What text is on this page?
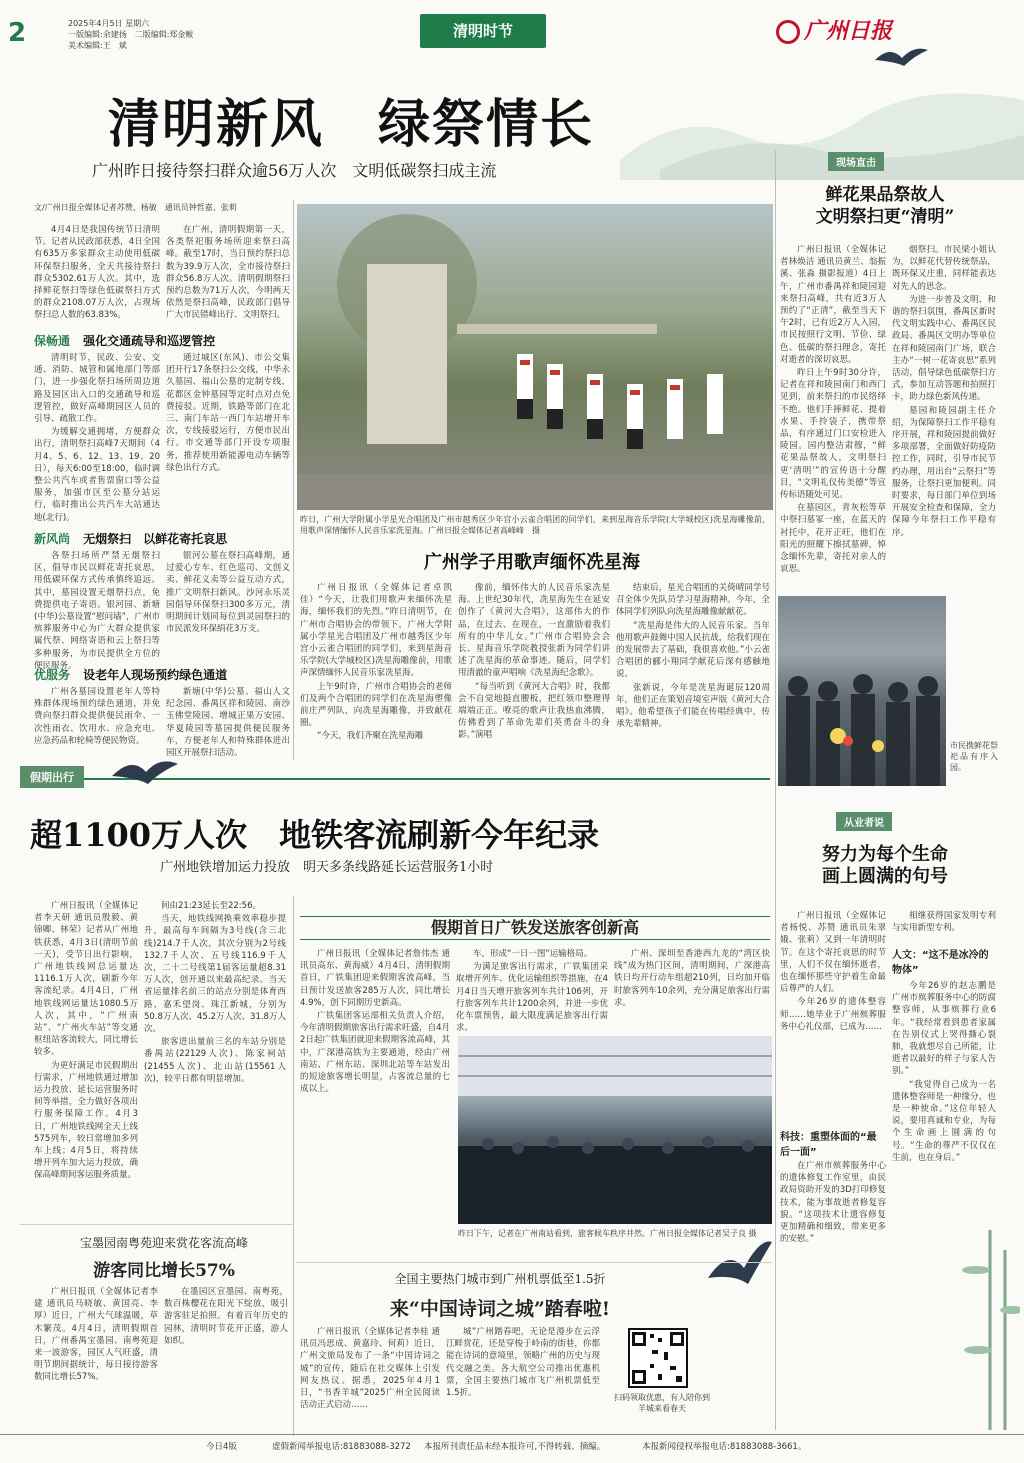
2	2025年4月5日 星期六
一版编辑:余建扬　二版编辑:郑金鲅
美术编辑:王　斌
清明时节	广州日报
清明新风　绿祭情长
广州昨日接待祭扫群众逾56万人次　文明低碳祭扫成主流
文/广州日报全媒体记者苏赞、杨敏　通讯员钟哲嘉、张莉

4月4日是我国传统节日清明节。记者从民政部获悉，4日全国有635万多家群众主动使用低碳环保祭扫服务，全天共接待祭扫群众5302.61万人次。其中，选择鲜花祭扫等绿色低碳祭扫方式的群众2108.07万人次，占现场祭扫总人数的63.83%。

在广州，清明假期第一天，各类祭祀服务场所迎来祭扫高峰。截至17时，当日预约祭扫总数为39.9万人次，全市接待祭扫群众56.8万人次。清明假期祭扫预约总数为71万人次，今明两天依然是祭扫高峰，民政部门倡导广大市民错峰出行、文明祭扫。

保畅通 强化交通疏导和巡逻管控

清明时节，民政、公安、交通、消防、城管和属地部门等部门，进一步强化祭扫场所周边道路及园区出入口的交通疏导和巡逻管控，做好高峰期园区人员的引导、疏散工作。

为缓解交通拥堵，方便群众出行，清明祭扫高峰7天期间（4月4、5、6、12、13、19、20日），每天6:00至18:00，临时调整公共汽车或者售票窗口等公益服务，加强市区至公墓分站运行，临时推出公共汽车大站通达地(北行)。

通过城区(东风)、市公交集团开行17条祭扫公交线，中华永久墓园、福山公墓的定制专线、花都区金钟墓园等定时点对点免费接驳。近期，铁路等部门在北三、南门车站一西门车站增开车次，专线接驳运行，方便市民出行。市交通等部门开设专项服务，推荐使用新能源电动车辆等绿色出行方式。

新风尚 无烟祭扫　以鲜花寄托哀思

各祭扫场所严禁无烟祭扫区，倡导市民以鲜花寄托哀思，用低碳环保方式传承慎终追远。其中，墓园设置无烟祭扫点，免费提供电子寄语。银河园、新塘(中华)公墓设置“慰问墙”，广州市殡葬服务中心为广大群众提供家属代祭、网络寄语和云上祭扫等多种服务，为市民提供全方位的便民服务。

银河公墓在祭扫高峰期，通过爱心专车、红色巡司、文创义卖、鲜花义卖等公益互动方式，推广文明祭扫新风。沙河永乐灵园倡导环保祭扫300多万元，清明期间计划同每位到灵园祭扫的市民派发环保绢花3万支。

优服务 设老年人现场预约绿色通道

广州各墓园设置老年人等特殊群体现场预约绿色通道，并免费向祭扫群众提供便民雨伞、一次性雨衣、饮用水、应急充电、应急药品和轮椅等便民物资。

新塘(中华)公墓、福山人文纪念园、番禺区祥和陵园、南沙玉佛堂陵园、增城正果万安园、华夏陵园等墓园提供便民服务车，方便老年人和特殊群体进出园区开展祭扫活动。

昨日，广州大学附属小学星光合唱团及广州市越秀区少年宫小云雀合唱团的同学们，来到星海音乐学院(大学城校区)洗星海雕像前，用歌声深情缅怀人民音乐家洗星海。广州日报全媒体记者高峰峰　摄
广州学子用歌声缅怀冼星海

广州日报讯（全媒体记者卓凯佳）“今天，让我们用歌声来缅怀冼星海，缅怀我们的先烈。”昨日清明节，在广州市合唱协会的带领下，广州大学附属小学星光合唱团及广州市越秀区少年宫小云雀合唱团的同学们，来到星海音乐学院(大学城校区)冼星海雕像前，用歌声深情缅怀人民音乐家冼星海。

上午9时许，广州市合唱协会的老师们及两个合唱团的同学们在冼星海塑像前庄严列队，向冼星海雕像，并致献花圈。

“今天，我们齐聚在洗星海雕

像前，缅怀伟大的人民音乐家冼星海。上世纪30年代，冼星海先生在延安创作了《黄河大合唱》，这部伟大的作品，在过去、在现在，一直激励着我们所有的中华儿女。”广州市合唱协会会长、星海音乐学院教授张新为同学们讲述了冼星海的革命事迹。随后，同学们用清澈的童声唱响《洗星海纪念歌》。

“每当听到《黄河大合唱》时，我都会不自觉地挺直腰板，把红领巾整理得端端正正。嘹亮的歌声让我热血沸腾，仿佛看到了革命先辈们英勇奋斗的身影。”演唱

结束后，星光合唱团的关倚晴同学号召全体少先队员学习星海精神。今年，全体同学们列队向洗星海雕像献献花。

“冼星海是伟大的人民音乐家。当年他用歌声鼓舞中国人民抗战，给我们现在的发展带去了基础，我很喜欢他。”小云雀合唱团的郦小翔同学献花后深有感触地说。

张新说，今年是冼星海诞辰120周年，他们正在策划音境室声版《黄河大合唱》。他希望孩子们能在传唱经典中，传承先辈精神。

现场直击
鲜花果品祭故人
文明祭扫更“清明”

广州日报讯（全媒体记者林焕洁 通讯员黄兰、翁振溪、张淼 摄影报道）4日上午，广州市番禺祥和陵园迎来祭扫高峰，共有近3万人预约了“正清”，截至当天下午2时，已有近2万人入园，市民按照行文明、节俭、绿色、低碳的祭扫理念，寄托对逝者的深切哀思。

昨日上午9时30分许，记者在祥和陵园南门和西门见到，前来祭扫的市民络绎不绝。他们手捧鲜花、提着水果、手拎袋子，携带祭品，有序通过门口安检进入陵园。园内整洁肃穆，“鲜花果品祭故人，文明祭扫更‘清明’”的宣传语十分醒目，“文明礼仪传美德”等宣传标语随处可见。

在墓园区，青灰松等草中祭扫墓冢一座，在蓝天的衬托中，花开正旺，他们在阳光的照耀下擦拭墓碑，悼念缅怀先辈，寄托对亲人的哀思。

烟祭扫。市民梁小姐认为，以鲜花代替传统祭品，既环保又庄重，同样能表达对先人的思念。

为进一步普及文明、和谐的祭扫氛围，番禺区新时代文明实践中心、番禺区民政局、番禺区文明办等单位在祥和陵园南门广场，联合主办“一树一花寄哀思”系列活动，倡导绿色低碳祭扫方式，参加互动答题和拍照打卡，助力绿色新风传递。

墓园和陵园副主任介绍，为保障祭扫工作平稳有序开展，祥和陵园提前做好多项部署，全面做好防疫防控工作，同时，引导市民节约办理，用出台“云祭扫”等服务，让祭扫更加便利。同时要求，每日部门单位到场开展安全检查和保障，全力保障今年祭扫工作平稳有序。

市民携鲜花祭祀品有序入园。
假期出行
超1100万人次　地铁客流刷新今年纪录
广州地铁增加运力投放　明天多条线路延长运营服务1小时

广州日报讯（全媒体记者李天研 通讯员殷毅、黄锦卿、林荣）记者从广州地铁获悉，4月3日(清明节前一天)，受节日出行影响，广州地铁线网总运量达1116.1万人次，刷新今年客流纪录。4月4日，广州地铁线网运量达1080.5万人次，其中，“广州南站”、“广州火车站”等交通枢纽站客流较大，同比增长较多。

为更好满足市民假期出行需求，广州地铁通过增加运力投放、延长运营服务时间等举措，全力做好各项出行服务保障工作。4月3日，广州地铁线网全天上线575列车，较日常增加多列车上线；4月5日，将持续增开列车加大运力投放，确保高峰期间客运服务质量。

间由21:23延长至22:56。

当天，地铁线网换乘效率稳步提升，最高每车间隔为3号线(含三北线)214.7千人次，其次分别为2号线132.7千人次、五号线116.9千人次，二十二号线第1届客运量超8.31万人次，创开通以来最高纪录。当天省运量排名前三的站点分别是体育西路、嘉禾望岗、珠江新城，分别为50.8万人次、45.2万人次、31.8万人次。

旅客进出量前三名的车站分别是番禺站(22129人次)、陈家祠站(21455人次)、北山站(15561人次)，较平日都有明显增加。

假期首日广铁发送旅客创新高

广州日报讯（全媒体记者詹伟杰 通讯员高东、黄海威）4月4日，清明假期首日，广铁集团迎来假期客流高峰，当日预计发送旅客285万人次，同比增长4.9%，创下同期历史新高。

广铁集团客运部相关负责人介绍，今年清明假期旅客出行需求旺盛，自4月2日起广铁集团就迎来假期客流高峰，其中，广深港高铁为主要通道，经由广州南站、广州东站、深圳北站等车站发出的短途旅客增长明显，占客流总量的七成以上。

车，形成“一日一图”运输格局。

为满足旅客出行需求，广铁集团采取增开列车、优化运输组织等措施，在4月4日当天增开旅客列车共计106列，开行旅客列车共计1200余列，并进一步优化车票预售，最大限度满足旅客出行需求。

广州、深圳至香港西九龙的“湾区快线”成为热门区间，清明期间，广深港高铁日均开行动车组超210列，日均加开临时旅客列车10余列，充分满足旅客出行需求。

昨日下午，记者在广州南站看到，旅客候车秩序井然。广州日报全媒体记者吴子良 摄
宝墨园南粤苑迎来赏花客流高峰
游客同比增长57%

广州日报讯（全媒体记者李建 通讯员马晓敏、黄国亮、李厚）近日，广州大气球温暖，草木繁茂。4月4日，清明假期首日，广州番禺宝墨园、南粤苑迎来一波游客，园区人气旺盛，清明节期间据统计，每日接待游客数同比增长57%。

在墨园区宣墨园、南粤苑，数百株樱花在阳光下绽放，吸引游客驻足拍照。有着百年历史的园林，清明时节花开正盛，游人如织。

全国主要热门城市到广州机票低至1.5折
来“中国诗词之城”踏春啦!

广州日报讯（全媒体记者李桂 通讯员冯思成、黄嘉玲、何莉）近日，广州文旅局发布了一条“中国诗词之城”的宣传，随后在社交媒体上引发网友热议。据悉，2025年4月1日，“书香羊城”2025广州全民阅读活动正式启动……

城”广州踏春吧，无论是漫步在云浮江畔赏花，还是穿梭于岭南的街巷，你都能在诗词的意境里，领略广州的历史与现代交融之美。各大航空公司推出优惠机票，全国主要热门城市飞广州机票低至1.5折。	扫码领取优惠，有人陪你到羊城来看春天
从业者说
努力为每个生命
画上圆满的句号

广州日报讯（全媒体记者杨悦、苏赞 通讯员朱翠娥、张莉）又到一年清明时节。在这个寄托哀思的时节里，人们不仅在缅怀逝者，也在缅怀那些守护着生命最后尊严的人们。

今年26岁的遗体整容师……她毕业于广州殡葬服务中心礼仪部，已成为……

相继获得国家发明专利与实用新型专利。

人文：“这不是冰冷的物体”

今年26岁的赵志鹏是广州市殡葬服务中心的防腐整容师，从事殡葬行业6年。“我经常看到患者家属在告别仪式上哭得撕心裂肺，我就想尽自己所能，让逝者以最好的样子与家人告别。”

“我觉得自己成为一名遗体整容师是一种缘分，也是一种使命。”这位年轻人说，要用真诚和专业，为每个生命画上圆满的句号。“生命的尊严不仅仅在生前，也在身后。”

科技：重塑体面的“最后一面”

在广州市殡葬服务中心的遗体修复工作室里，由民政局资助开发的3D打印修复技术，能为事故逝者修复容貌。“这项技术让遗容修复更加精确和细致，带来更多的安慰。”

今日4版	虚假新闻举报电话:81883088-3272 本报所刊责任品未经本报许可,不得转载、摘编。	本报新闻侵权举报电话:81883088-3661。
